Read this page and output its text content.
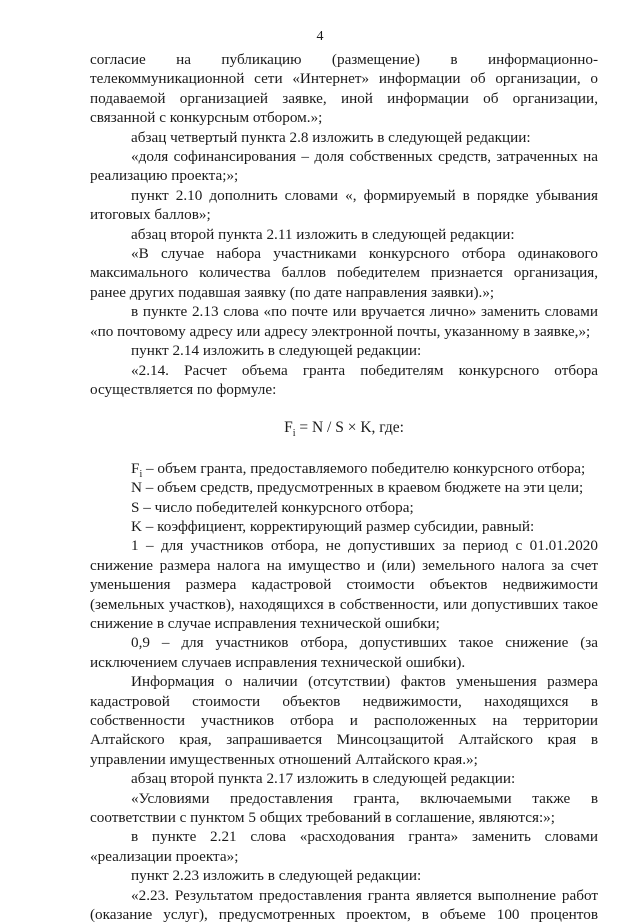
4

согласие на публикацию (размещение) в информационно-телекоммуникационной сети «Интернет» информации об организации, о подаваемой организацией заявке, иной информации об организации, связанной с конкурсным отбором.»;

абзац четвертый пункта 2.8 изложить в следующей редакции:

«доля софинансирования – доля собственных средств, затраченных на реализацию проекта;»;

пункт 2.10 дополнить словами «, формируемый в порядке убывания итоговых баллов»;

абзац второй пункта 2.11 изложить в следующей редакции:

«В случае набора участниками конкурсного отбора одинакового максимального количества баллов победителем признается организация, ранее других подавшая заявку (по дате направления заявки).»;

в пункте 2.13 слова «по почте или вручается лично» заменить словами «по почтовому адресу или адресу электронной почты, указанному в заявке,»;

пункт 2.14 изложить в следующей редакции:

«2.14. Расчет объема гранта победителям конкурсного отбора осуществляется по формуле:

$F_i = N / S \times K$, где:

$F_i$ – объем гранта, предоставляемого победителю конкурсного отбора;

N – объем средств, предусмотренных в краевом бюджете на эти цели;

S – число победителей конкурсного отбора;

K – коэффициент, корректирующий размер субсидии, равный:

1 – для участников отбора, не допустивших за период с 01.01.2020 снижение размера налога на имущество и (или) земельного налога за счет уменьшения размера кадастровой стоимости объектов недвижимости (земельных участков), находящихся в собственности, или допустивших такое снижение в случае исправления технической ошибки;

0,9 – для участников отбора, допустивших такое снижение (за исключением случаев исправления технической ошибки).

Информация о наличии (отсутствии) фактов уменьшения размера кадастровой стоимости объектов недвижимости, находящихся в собственности участников отбора и расположенных на территории Алтайского края, запрашивается Минсоцзащитой Алтайского края в управлении имущественных отношений Алтайского края.»;

абзац второй пункта 2.17 изложить в следующей редакции:

«Условиями предоставления гранта, включаемыми также в соответствии с пунктом 5 общих требований в соглашение, являются:»;

в пункте 2.21 слова «расходования гранта» заменить словами «реализации проекта»;

пункт 2.23 изложить в следующей редакции:

«2.23. Результатом предоставления гранта является выполнение работ (оказание услуг), предусмотренных проектом, в объеме 100 процентов
